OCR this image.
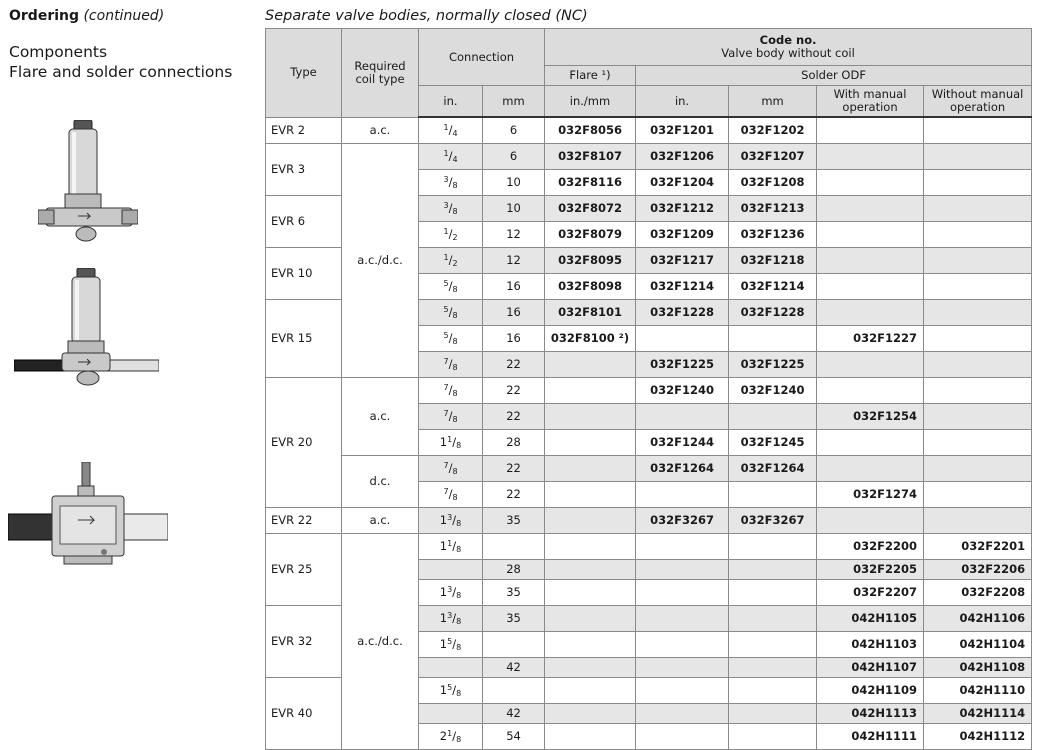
Ordering (continued)
Components
Flare and solder connections
Separate valve bodies, normally closed (NC)
Type	Required coil type	Connection		Code no.
Valve body without coil				

				Flare ¹)	Solder ODF			
		in.	mm	in./mm	in.	mm	With manual operation	Without manual operation
EVR 2	a.c.	$^1/_4$	6	032F8056	032F1201	032F1202		
EVR 3	a.c./d.c.	$^1/_4$	6	032F8107	032F1206	032F1207		
		$^3/_8$	10	032F8116	032F1204	032F1208		
EVR 6		$^3/_8$	10	032F8072	032F1212	032F1213		
		$^1/_2$	12	032F8079	032F1209	032F1236		
EVR 10		$^1/_2$	12	032F8095	032F1217	032F1218		
		$^5/_8$	16	032F8098	032F1214	032F1214		
EVR 15		$^5/_8$	16	032F8101	032F1228	032F1228		
		$^5/_8$	16	032F8100 ²)			032F1227	
		$^7/_8$	22		032F1225	032F1225		
EVR 20	a.c.	$^7/_8$	22		032F1240	032F1240		
		$^7/_8$	22				032F1254	
		$1^1/_8$	28		032F1244	032F1245		
	d.c.	$^7/_8$	22		032F1264	032F1264		
		$^7/_8$	22				032F1274	
EVR 22	a.c.	$1^3/_8$	35		032F3267	032F3267		
EVR 25	a.c./d.c.	$1^1/_8$					032F2200	032F2201
			28				032F2205	032F2206
		$1^3/_8$	35				032F2207	032F2208
EVR 32		$1^3/_8$	35				042H1105	042H1106
		$1^5/_8$					042H1103	042H1104
			42				042H1107	042H1108
EVR 40		$1^5/_8$					042H1109	042H1110
			42				042H1113	042H1114
		$2^1/_8$	54				042H1111	042H1112
